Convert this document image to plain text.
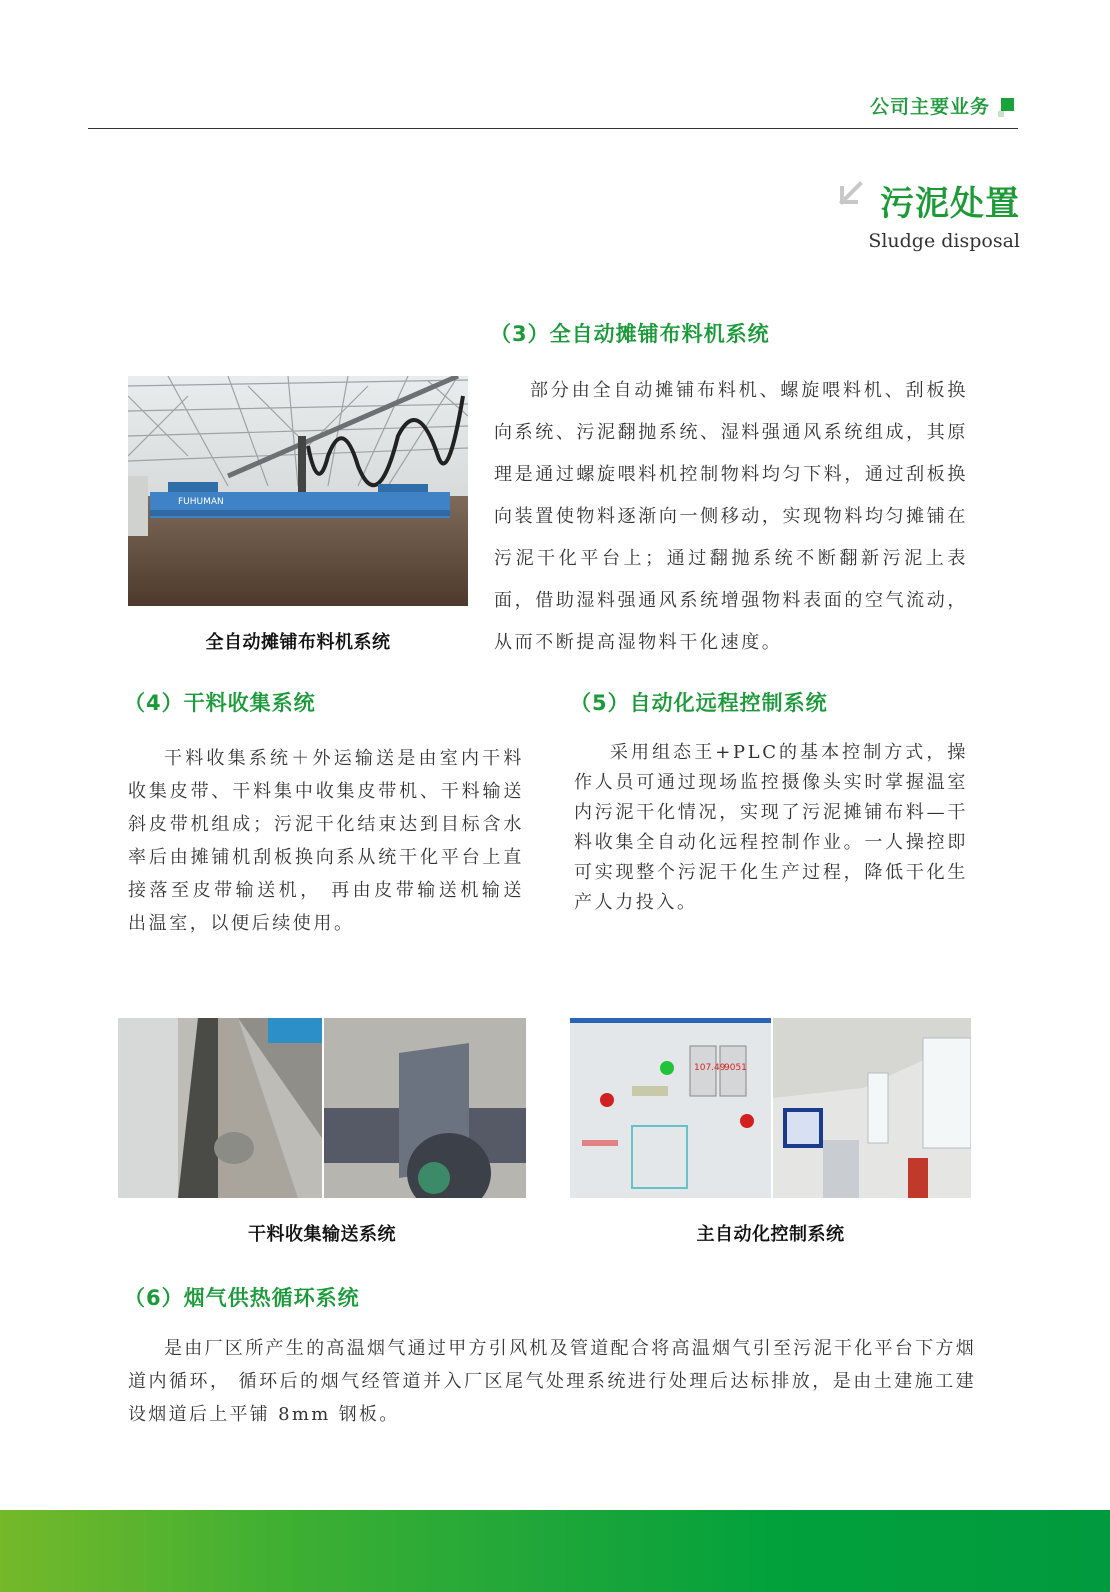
公司主要业务
污泥处置
Sludge disposal
（3）全自动摊铺布料机系统
部分由全自动摊铺布料机、螺旋喂料机、刮板换向系统、污泥翻抛系统、湿料强通风系统组成，其原理是通过螺旋喂料机控制物料均匀下料，通过刮板换向装置使物料逐渐向一侧移动，实现物料均匀摊铺在污泥干化平台上；通过翻抛系统不断翻新污泥上表面，借助湿料强通风系统增强物料表面的空气流动，从而不断提高湿物料干化速度。
FUHUMAN
全自动摊铺布料机系统
（4）干料收集系统
干料收集系统＋外运输送是由室内干料收集皮带、干料集中收集皮带机、干料输送斜皮带机组成；污泥干化结束达到目标含水率后由摊铺机刮板换向系从统干化平台上直接落至皮带输送机， 再由皮带输送机输送出温室，以便后续使用。
（5）自动化远程控制系统
采用组态王+PLC的基本控制方式，操作人员可通过现场监控摄像头实时掌握温室内污泥干化情况，实现了污泥摊铺布料—干料收集全自动化远程控制作业。一人操控即可实现整个污泥干化生产过程，降低干化生产人力投入。
干料收集输送系统
107.49
9051
主自动化控制系统
（6）烟气供热循环系统
是由厂区所产生的高温烟气通过甲方引风机及管道配合将高温烟气引至污泥干化平台下方烟道内循环， 循环后的烟气经管道并入厂区尾气处理系统进行处理后达标排放，是由土建施工建设烟道后上平铺 8mm 钢板。
